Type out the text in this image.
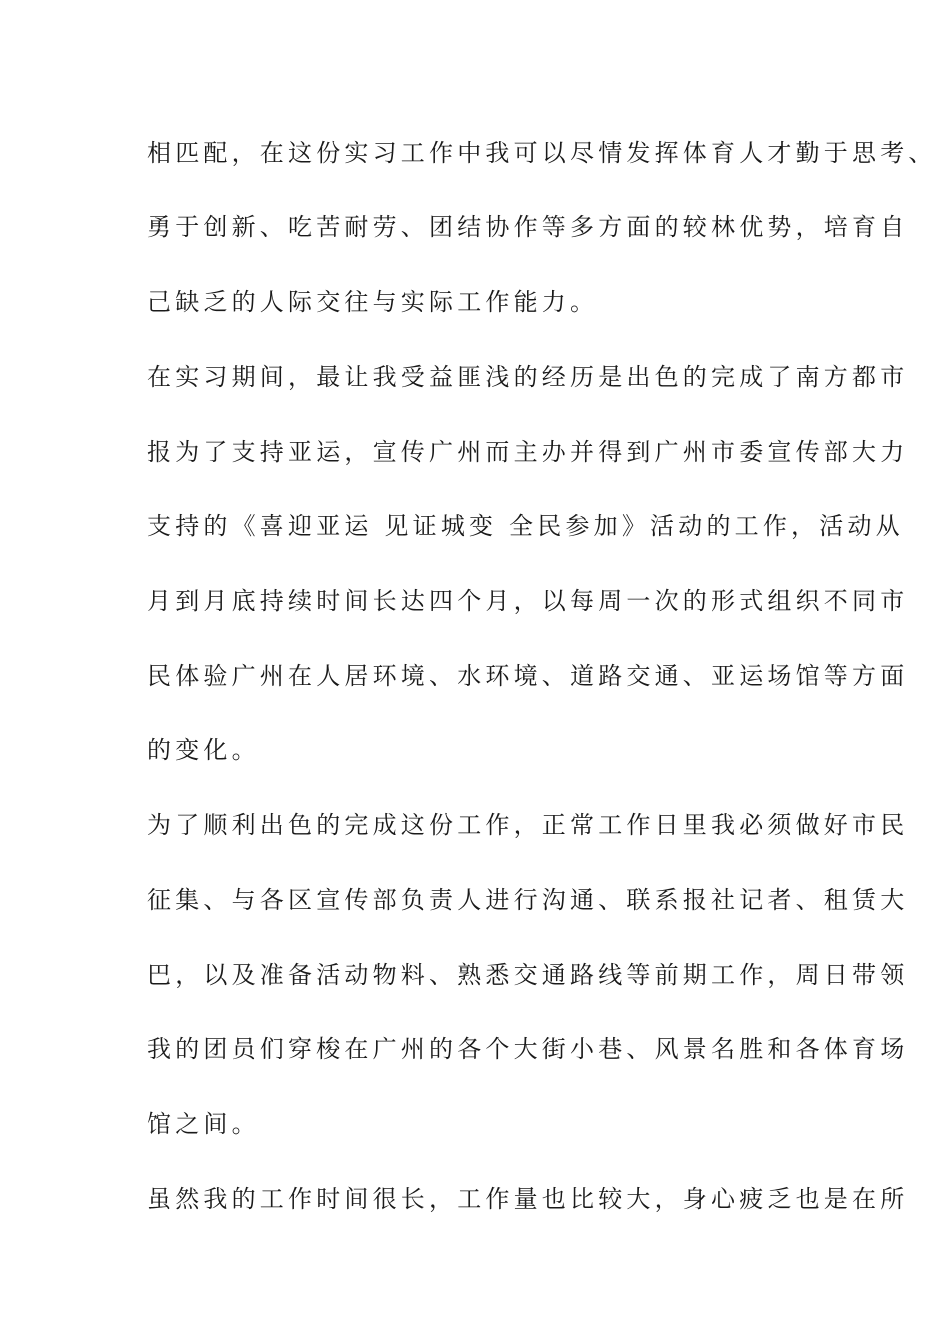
相匹配，在这份实习工作中我可以尽情发挥体育人才勤于思考、
勇于创新、吃苦耐劳、团结协作等多方面的较林优势，培育自
己缺乏的人际交往与实际工作能力。
在实习期间，最让我受益匪浅的经历是出色的完成了南方都市
报为了支持亚运，宣传广州而主办并得到广州市委宣传部大力
支持的《喜迎亚运 见证城变 全民参加》活动的工作，活动从
月到月底持续时间长达四个月，以每周一次的形式组织不同市
民体验广州在人居环境、水环境、道路交通、亚运场馆等方面
的变化。
为了顺利出色的完成这份工作，正常工作日里我必须做好市民
征集、与各区宣传部负责人进行沟通、联系报社记者、租赁大
巴，以及准备活动物料、熟悉交通路线等前期工作，周日带领
我的团员们穿梭在广州的各个大街小巷、风景名胜和各体育场
馆之间。
虽然我的工作时间很长，工作量也比较大，身心疲乏也是在所
